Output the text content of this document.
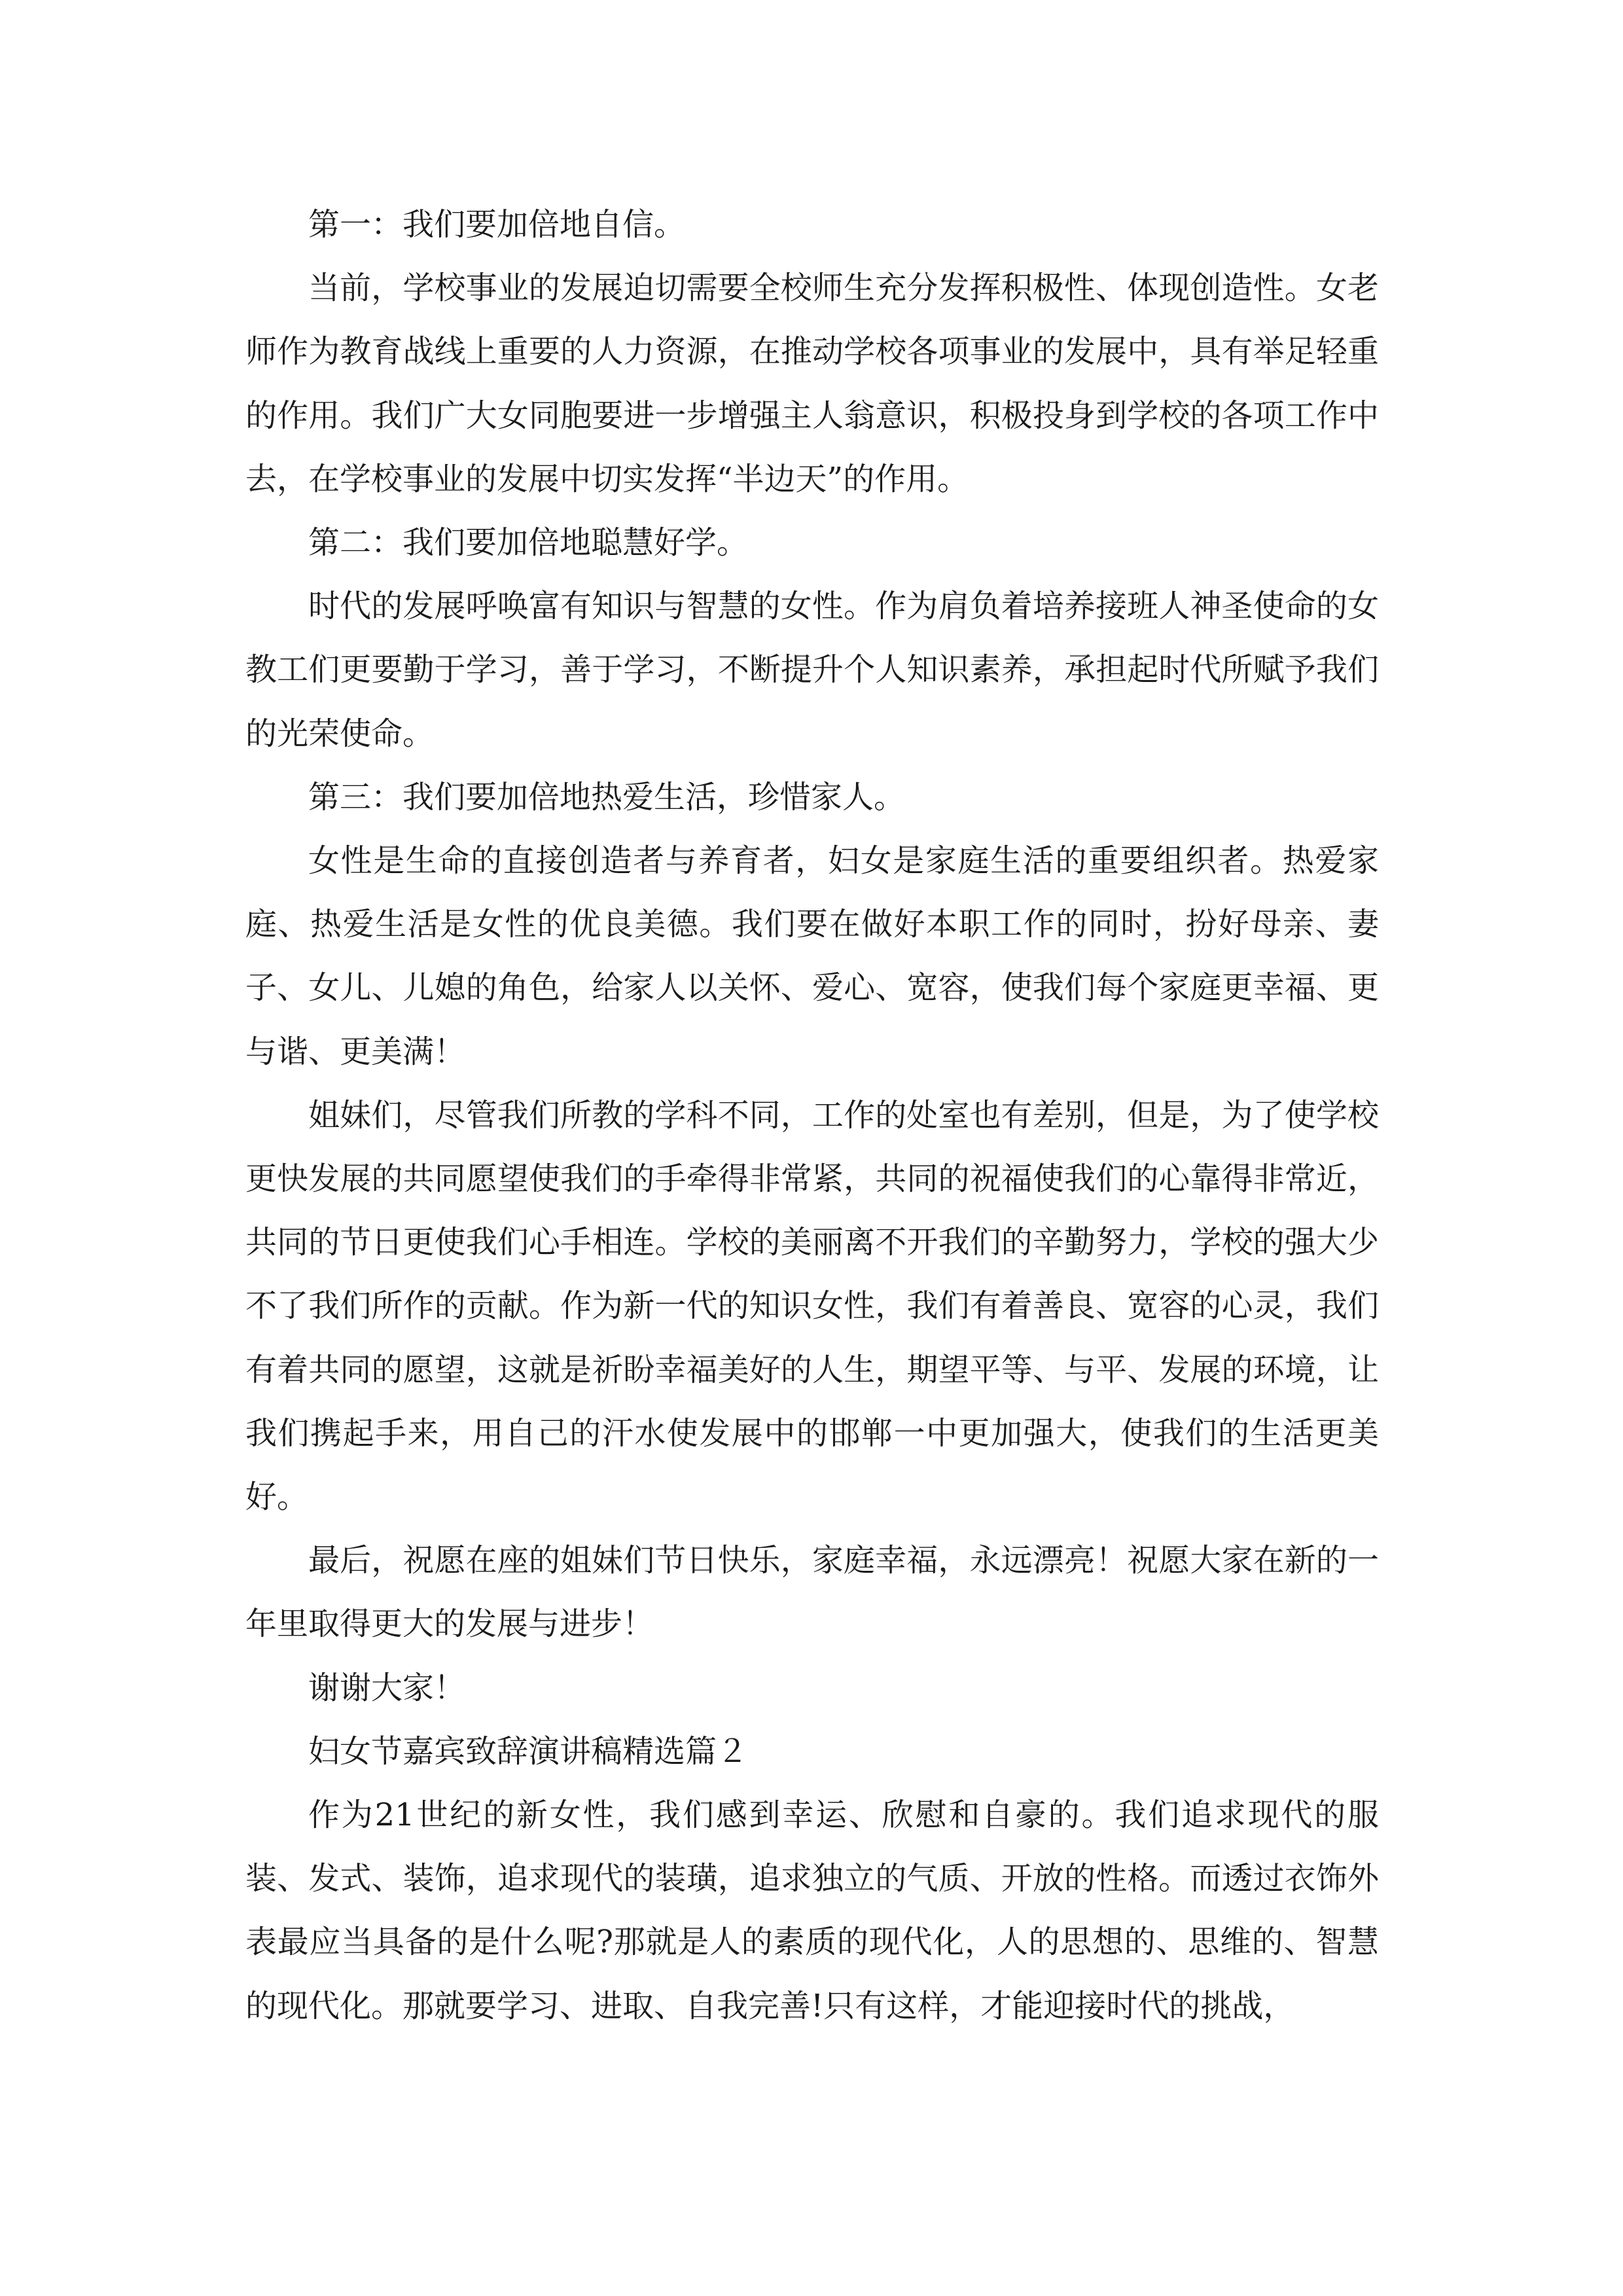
第一：我们要加倍地自信。

当前，学校事业的发展迫切需要全校师生充分发挥积极性、体现创造性。女老师作为教育战线上重要的人力资源，在推动学校各项事业的发展中，具有举足轻重的作用。我们广大女同胞要进一步增强主人翁意识，积极投身到学校的各项工作中去，在学校事业的发展中切实发挥“半边天”的作用。

第二：我们要加倍地聪慧好学。

时代的发展呼唤富有知识与智慧的女性。作为肩负着培养接班人神圣使命的女教工们更要勤于学习，善于学习，不断提升个人知识素养，承担起时代所赋予我们的光荣使命。

第三：我们要加倍地热爱生活，珍惜家人。

女性是生命的直接创造者与养育者，妇女是家庭生活的重要组织者。热爱家庭、热爱生活是女性的优良美德。我们要在做好本职工作的同时，扮好母亲、妻子、女儿、儿媳的角色，给家人以关怀、爱心、宽容，使我们每个家庭更幸福、更与谐、更美满！

姐妹们，尽管我们所教的学科不同，工作的处室也有差别，但是，为了使学校更快发展的共同愿望使我们的手牵得非常紧，共同的祝福使我们的心靠得非常近，共同的节日更使我们心手相连。学校的美丽离不开我们的辛勤努力，学校的强大少不了我们所作的贡献。作为新一代的知识女性，我们有着善良、宽容的心灵，我们有着共同的愿望，这就是祈盼幸福美好的人生，期望平等、与平、发展的环境，让我们携起手来，用自己的汗水使发展中的邯郸一中更加强大，使我们的生活更美好。

最后，祝愿在座的姐妹们节日快乐，家庭幸福，永远漂亮！祝愿大家在新的一年里取得更大的发展与进步！

谢谢大家！

妇女节嘉宾致辞演讲稿精选篇２

作为21世纪的新女性，我们感到幸运、欣慰和自豪的。我们追求现代的服装、发式、装饰，追求现代的装璜，追求独立的气质、开放的性格。而透过衣饰外表最应当具备的是什么呢?那就是人的素质的现代化，人的思想的、思维的、智慧的现代化。那就要学习、进取、自我完善!只有这样，才能迎接时代的挑战，
